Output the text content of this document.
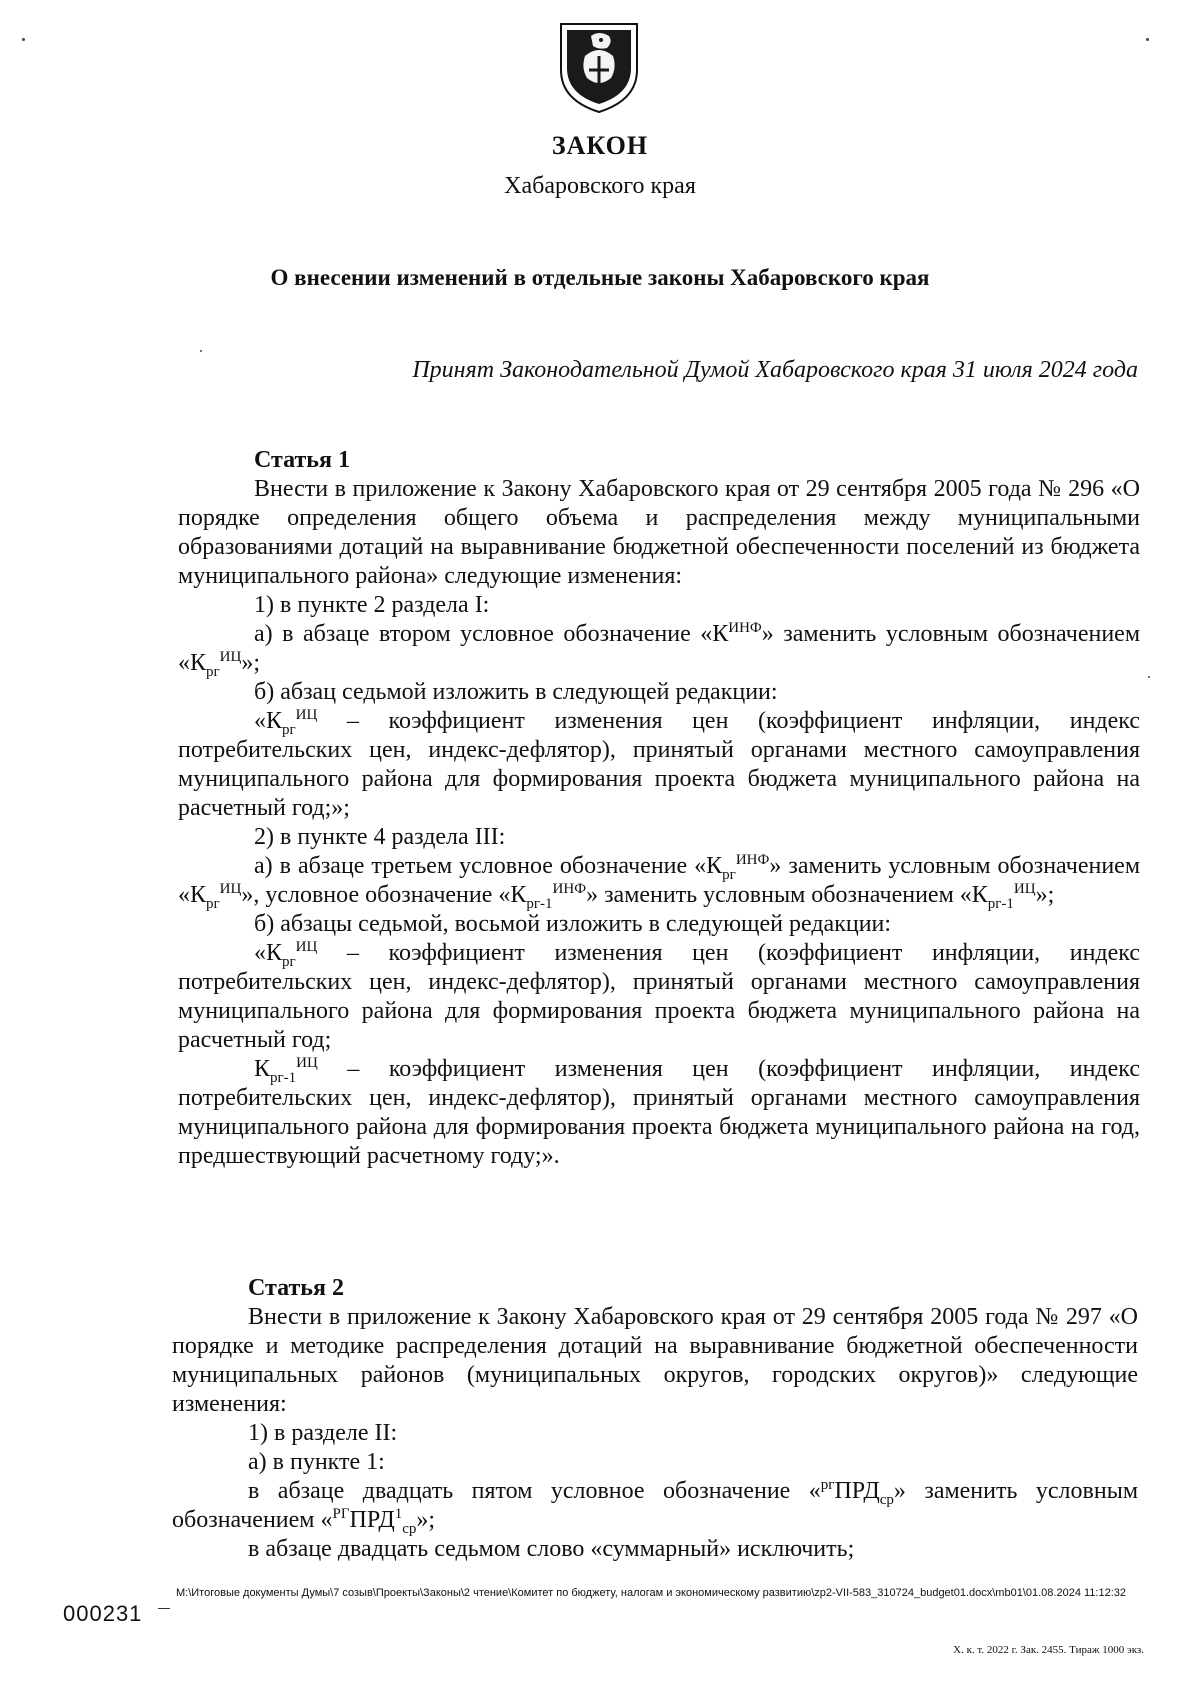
ЗАКОН
Хабаровского края
О внесении изменений в отдельные законы Хабаровского края
Принят Законодательной Думой Хабаровского края 31 июля 2024 года

Статья 1

Внести в приложение к Закону Хабаровского края от 29 сентября 2005 года № 296 «О порядке определения общего объема и распределения между муниципальными образованиями дотаций на выравнивание бюджетной обеспеченности поселений из бюджета муниципального района» следующие изменения:

1) в пункте 2 раздела I:

а) в абзаце втором условное обозначение «$К^{ИНФ}$» заменить условным обозначением «$К_{рг}^{ИЦ}$»;

б) абзац седьмой изложить в следующей редакции:

«$К_{рг}^{ИЦ}$ – коэффициент изменения цен (коэффициент инфляции, индекс потребительских цен, индекс-дефлятор), принятый органами местного самоуправления муниципального района для формирования проекта бюджета муниципального района на расчетный год;»;

2) в пункте 4 раздела III:

а) в абзаце третьем условное обозначение «$К_{рг}^{ИНФ}$» заменить условным обозначением «$К_{рг}^{ИЦ}$», условное обозначение «$К_{рг-1}^{ИНФ}$» заменить условным обозначением «$К_{рг-1}^{ИЦ}$»;

б) абзацы седьмой, восьмой изложить в следующей редакции:

«$К_{рг}^{ИЦ}$ – коэффициент изменения цен (коэффициент инфляции, индекс потребительских цен, индекс-дефлятор), принятый органами местного самоуправления муниципального района для формирования проекта бюджета муниципального района на расчетный год;

$К_{рг-1}^{ИЦ}$ – коэффициент изменения цен (коэффициент инфляции, индекс потребительских цен, индекс-дефлятор), принятый органами местного самоуправления муниципального района для формирования проекта бюджета муниципального района на год, предшествующий расчетному году;».

Статья 2

Внести в приложение к Закону Хабаровского края от 29 сентября 2005 года № 297 «О порядке и методике распределения дотаций на выравнивание бюджетной обеспеченности муниципальных районов (муниципальных округов, городских округов)» следующие изменения:

1) в разделе II:

а) в пункте 1:

в абзаце двадцать пятом условное обозначение «$^{рг}ПРД_{ср}$» заменить условным обозначением «$^{РГ}ПРД^1_{ср}$»;

в абзаце двадцать седьмом слово «суммарный» исключить;

000231
M:\Итоговые документы Думы\7 созыв\Проекты\Законы\2 чтение\Комитет по бюджету, налогам и экономическому развитию\zp2-VII-583_310724_budget01.docx\mb01\01.08.2024 11:12:32
Х. к. т. 2022 г. Зак. 2455. Тираж 1000 экз.
